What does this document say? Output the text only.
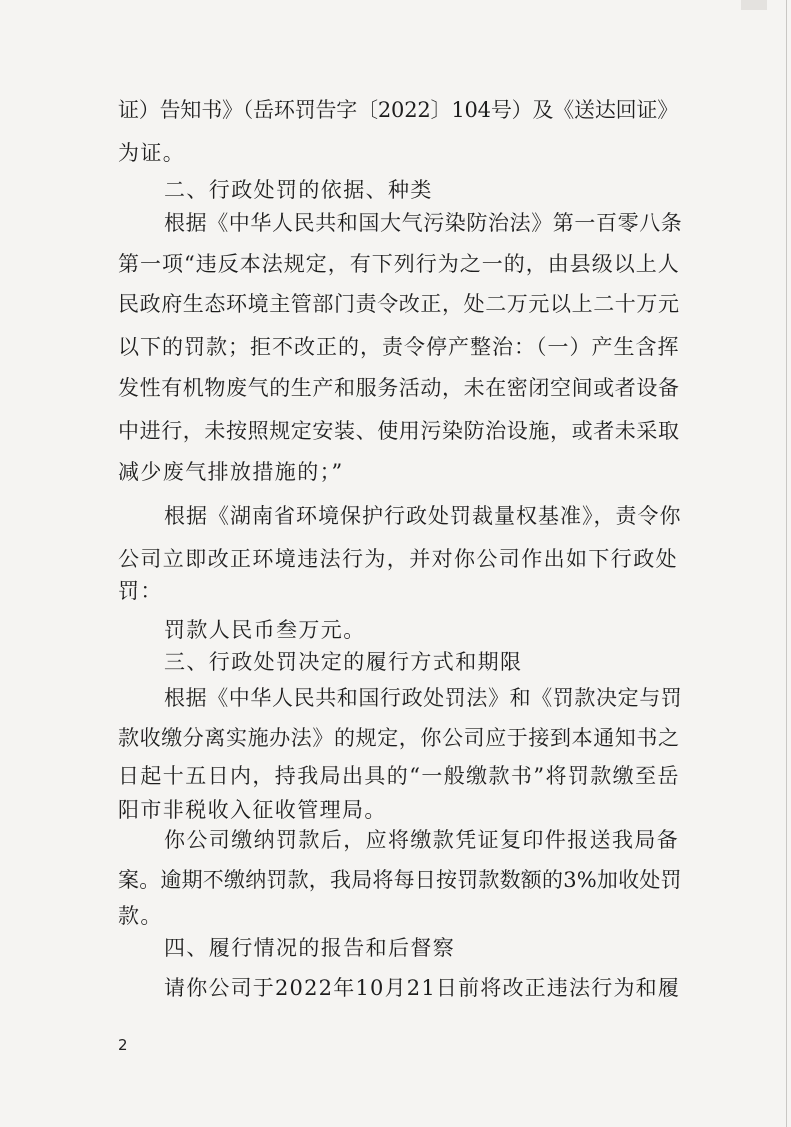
证）告知书》（岳环罚告字〔2022〕104号）及《送达回证》
为证。
二、行政处罚的依据、种类
根据《中华人民共和国大气污染防治法》第一百零八条
第一项“违反本法规定，有下列行为之一的，由县级以上人
民政府生态环境主管部门责令改正，处二万元以上二十万元
以下的罚款；拒不改正的，责令停产整治：（一）产生含挥
发性有机物废气的生产和服务活动，未在密闭空间或者设备
中进行，未按照规定安装、使用污染防治设施，或者未采取
减少废气排放措施的；”
根据《湖南省环境保护行政处罚裁量权基准》，责令你
公司立即改正环境违法行为，并对你公司作出如下行政处
罚：
罚款人民币叁万元。
三、行政处罚决定的履行方式和期限
根据《中华人民共和国行政处罚法》和《罚款决定与罚
款收缴分离实施办法》的规定，你公司应于接到本通知书之
日起十五日内，持我局出具的“一般缴款书”将罚款缴至岳
阳市非税收入征收管理局。
你公司缴纳罚款后，应将缴款凭证复印件报送我局备
案。逾期不缴纳罚款，我局将每日按罚款数额的3%加收处罚
款。
四、履行情况的报告和后督察
请你公司于2022年10月21日前将改正违法行为和履
2
